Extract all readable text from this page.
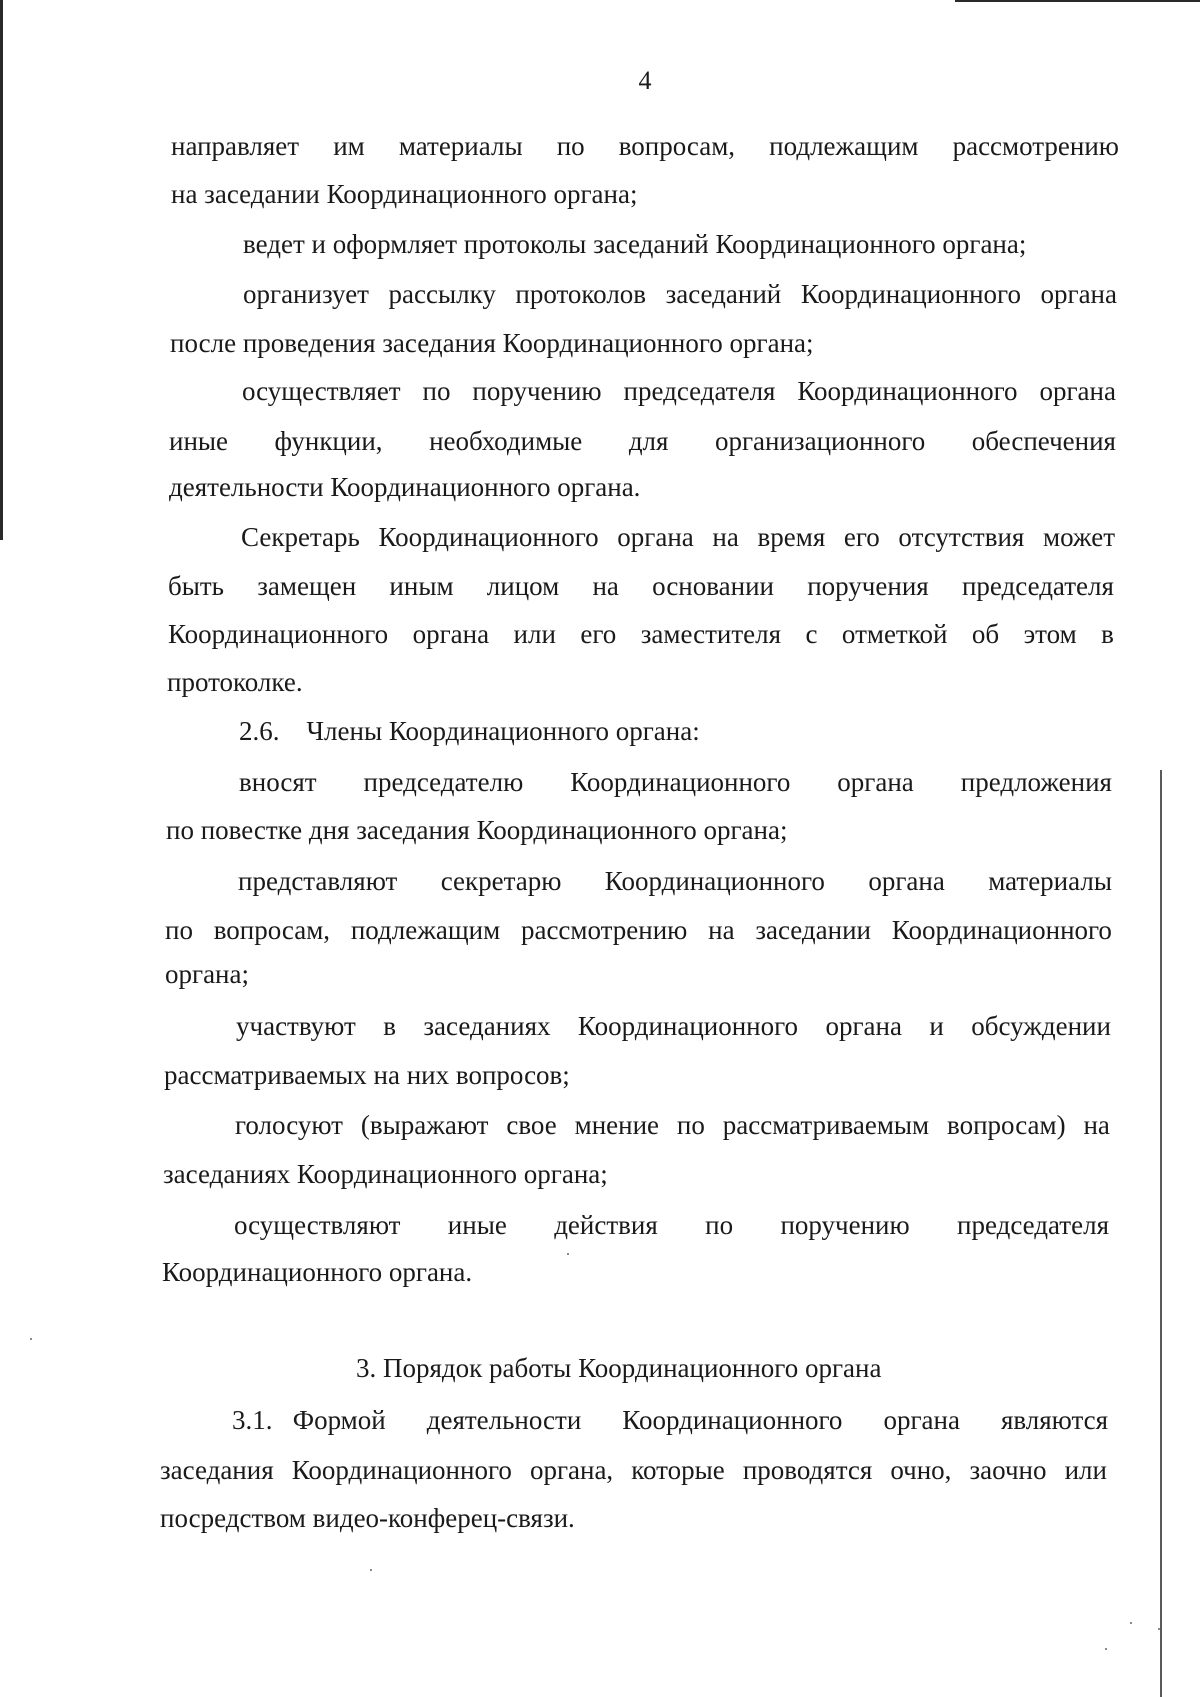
4
направляет им материалы по вопросам, подлежащим рассмотрению
на заседании Координационного органа;
ведет и оформляет протоколы заседаний Координационного органа;
организует рассылку протоколов заседаний Координационного органа
после проведения заседания Координационного органа;
осуществляет по поручению председателя Координационного органа
иные функции, необходимые для организационного обеспечения
деятельности Координационного органа.
Секретарь Координационного органа на время его отсутствия может
быть замещен иным лицом на основании поручения председателя
Координационного органа или его заместителя с отметкой об этом в
протоколке.
2.6.    Члены Координационного органа:
вносят председателю Координационного органа предложения
по повестке дня заседания Координационного органа;
представляют секретарю Координационного органа материалы
по вопросам, подлежащим рассмотрению на заседании Координационного
органа;
участвуют в заседаниях Координационного органа и обсуждении
рассматриваемых на них вопросов;
голосуют (выражают свое мнение по рассматриваемым вопросам) на
заседаниях Координационного органа;
осуществляют иные действия по поручению председателя
Координационного органа.
3. Порядок работы Координационного органа
3.1.   Формой деятельности Координационного органа являются
заседания Координационного органа, которые проводятся очно, заочно или
посредством видео-конферец-связи.
